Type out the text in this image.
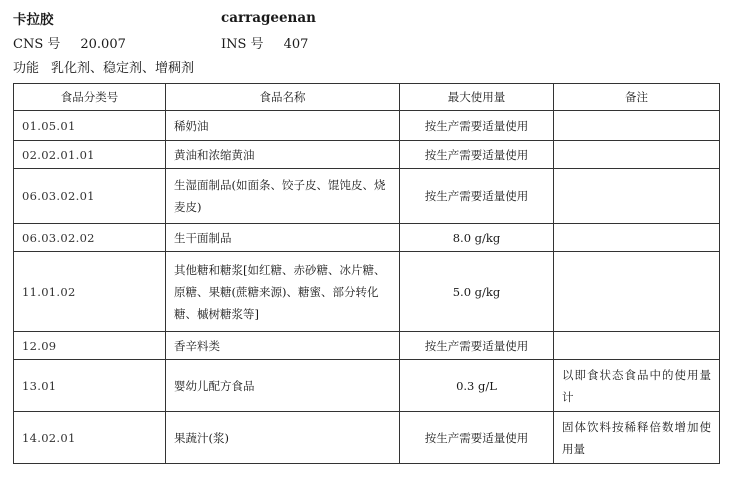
卡拉胶	carrageenan
CNS 号 20.007	INS 号 407
功能 乳化剂、稳定剂、增稠剂
食品分类号	食品名称	最大使用量	备注
01.05.01	稀奶油	按生产需要适量使用	
02.02.01.01	黄油和浓缩黄油	按生产需要适量使用	
06.03.02.01	生湿面制品(如面条、饺子皮、馄饨皮、烧麦皮)	按生产需要适量使用	
06.03.02.02	生干面制品	8.0 g/kg	
11.01.02	其他糖和糖浆[如红糖、赤砂糖、冰片糖、原糖、果糖(蔗糖来源)、糖蜜、部分转化糖、槭树糖浆等]	5.0 g/kg	
12.09	香辛料类	按生产需要适量使用	
13.01	婴幼儿配方食品	0.3 g/L	以即食状态食品中的使用量计
14.02.01	果蔬汁(浆)	按生产需要适量使用	固体饮料按稀释倍数增加使用量
